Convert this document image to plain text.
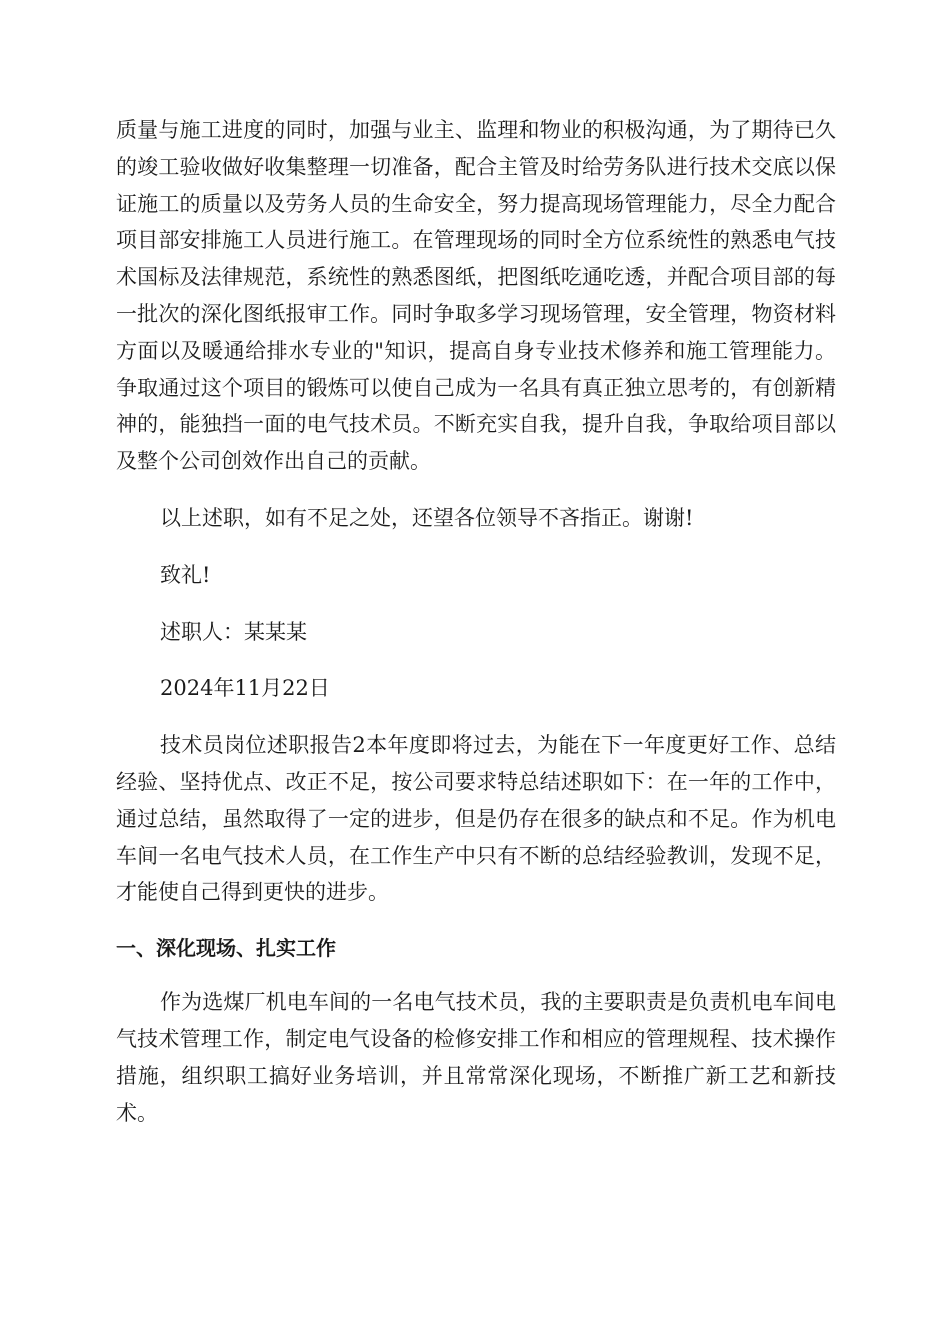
质量与施工进度的同时，加强与业主、监理和物业的积极沟通，为了期待已久的竣工验收做好收集整理一切准备，配合主管及时给劳务队进行技术交底以保证施工的质量以及劳务人员的生命安全，努力提高现场管理能力，尽全力配合项目部安排施工人员进行施工。在管理现场的同时全方位系统性的熟悉电气技术国标及法律规范，系统性的熟悉图纸，把图纸吃通吃透，并配合项目部的每一批次的深化图纸报审工作。同时争取多学习现场管理，安全管理，物资材料方面以及暖通给排水专业的"知识，提高自身专业技术修养和施工管理能力。争取通过这个项目的锻炼可以使自己成为一名具有真正独立思考的，有创新精神的，能独挡一面的电气技术员。不断充实自我，提升自我，争取给项目部以及整个公司创效作出自己的贡献。

以上述职，如有不足之处，还望各位领导不吝指正。谢谢!

致礼!

述职人：某某某

2024年11月22日

技术员岗位述职报告2本年度即将过去，为能在下一年度更好工作、总结经验、坚持优点、改正不足，按公司要求特总结述职如下：在一年的工作中，通过总结，虽然取得了一定的进步，但是仍存在很多的缺点和不足。作为机电车间一名电气技术人员，在工作生产中只有不断的总结经验教训，发现不足，才能使自己得到更快的进步。

一、深化现场、扎实工作

作为选煤厂机电车间的一名电气技术员，我的主要职责是负责机电车间电气技术管理工作，制定电气设备的检修安排工作和相应的管理规程、技术操作措施，组织职工搞好业务培训，并且常常深化现场，不断推广新工艺和新技术。
